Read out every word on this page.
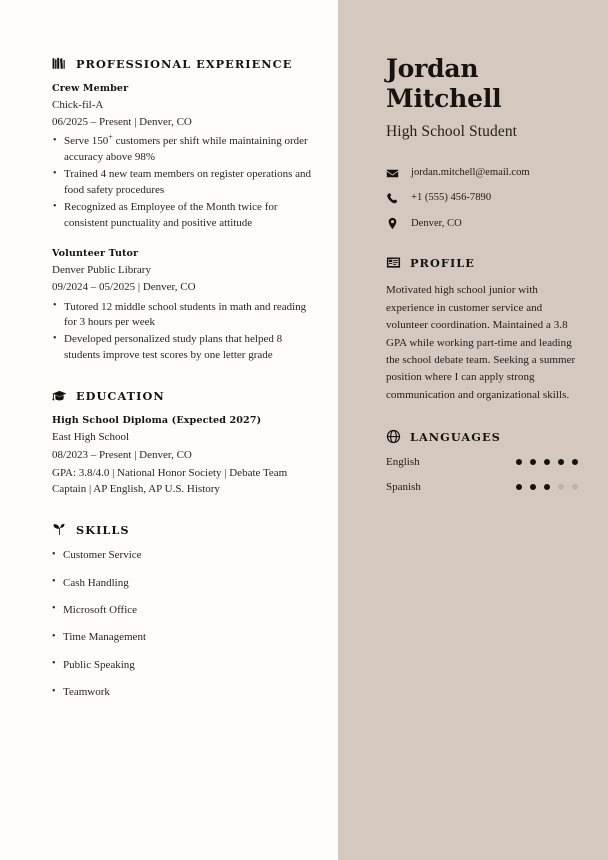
PROFESSIONAL EXPERIENCE
Crew Member
Chick-fil-A
06/2025 – Present | Denver, CO
• Serve 150+ customers per shift while maintaining order accuracy above 98%
• Trained 4 new team members on register operations and food safety procedures
• Recognized as Employee of the Month twice for consistent punctuality and positive attitude
Volunteer Tutor
Denver Public Library
09/2024 – 05/2025 | Denver, CO
• Tutored 12 middle school students in math and reading for 3 hours per week
• Developed personalized study plans that helped 8 students improve test scores by one letter grade
EDUCATION
High School Diploma (Expected 2027)
East High School
08/2023 – Present | Denver, CO
GPA: 3.8/4.0 | National Honor Society | Debate Team Captain | AP English, AP U.S. History
SKILLS
• Customer Service
• Cash Handling
• Microsoft Office
• Time Management
• Public Speaking
• Teamwork
Jordan
Mitchell
High School Student
jordan.mitchell@email.com
+1 (555) 456-7890
Denver, CO
PROFILE
Motivated high school junior with experience in customer service and volunteer coordination. Maintained a 3.8 GPA while working part-time and leading the school debate team. Seeking a summer position where I can apply strong communication and organizational skills.
LANGUAGES
English
Spanish
